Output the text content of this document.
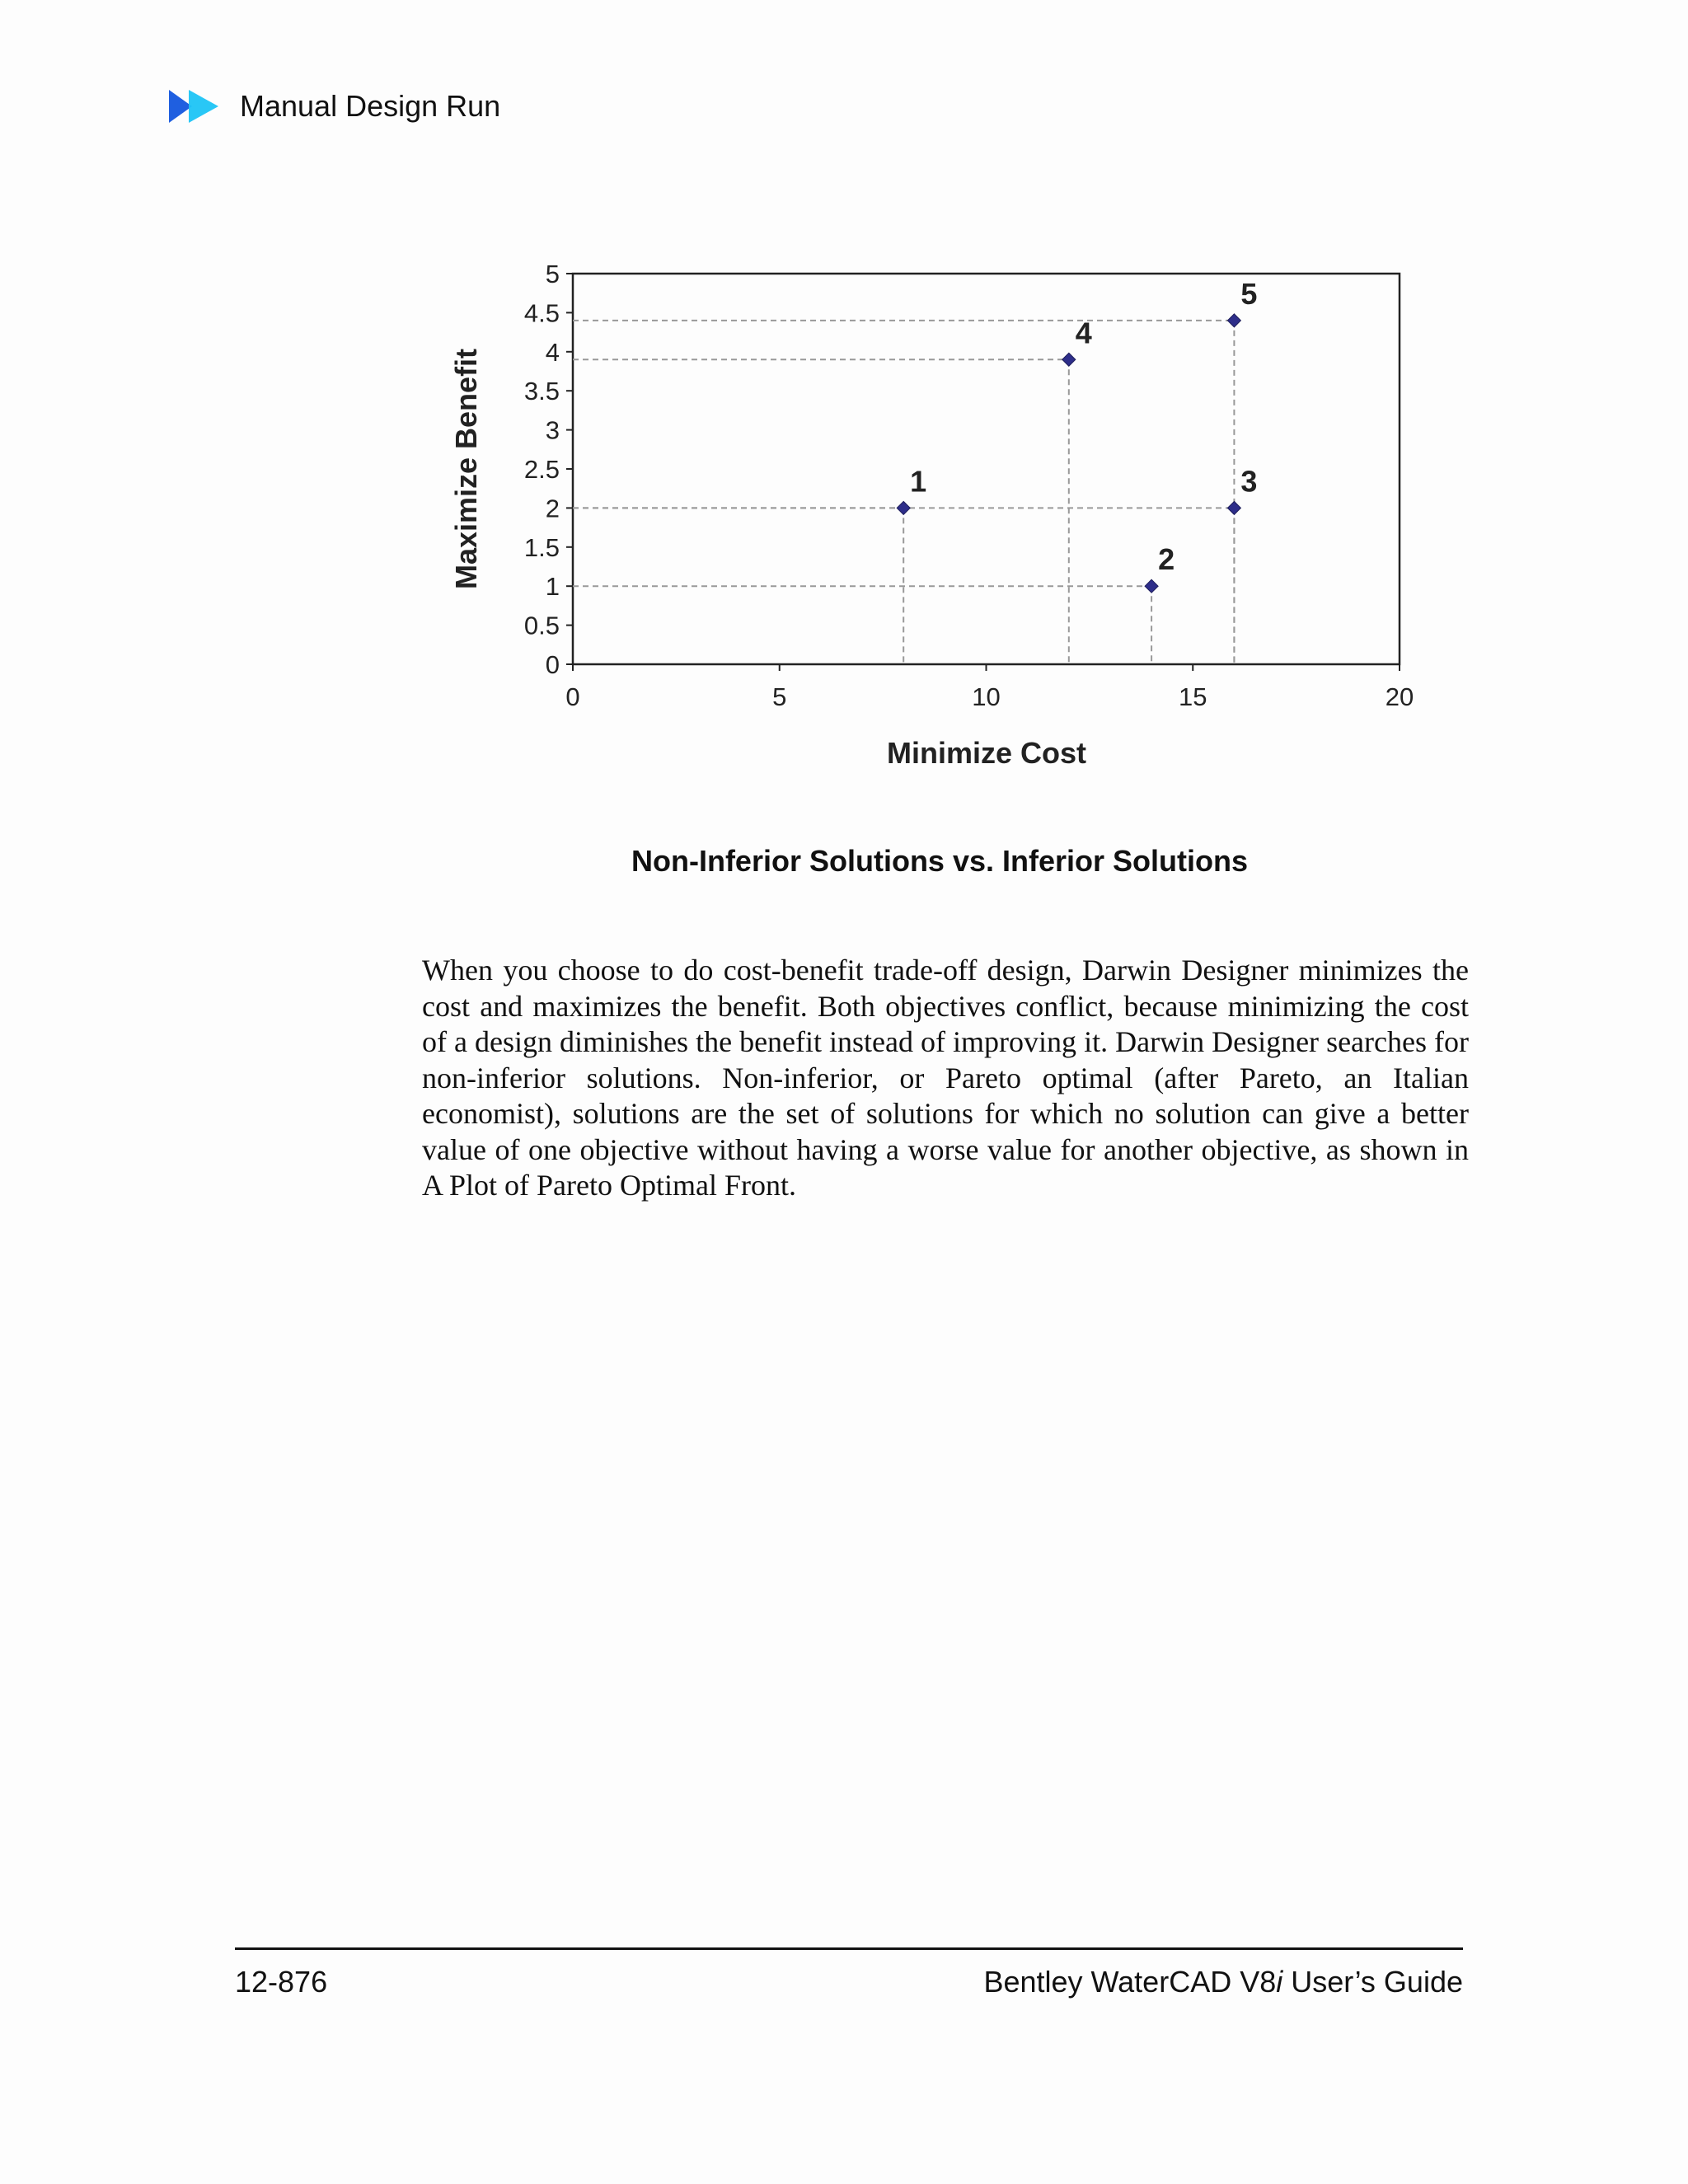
Manual Design Run
0
0.5
1
1.5
2
2.5
3
3.5
4
4.5
5
0	5	10	15	20
1
2
3
4
5
Minimize Cost
Maximize Benefit
Non-Inferior Solutions vs. Inferior Solutions

When you choose to do cost-benefit trade-off design, Darwin Designer minimizes the cost and maximizes the benefit. Both objectives conflict, because minimizing the cost of a design diminishes the benefit instead of improving it. Darwin Designer searches for non-inferior solutions. Non-inferior, or Pareto optimal (after Pareto, an Italian economist), solutions are the set of solutions for which no solution can give a better value of one objective without having a worse value for another objective, as shown in A Plot of Pareto Optimal Front.

12-876	Bentley WaterCAD V8i User’s Guide
